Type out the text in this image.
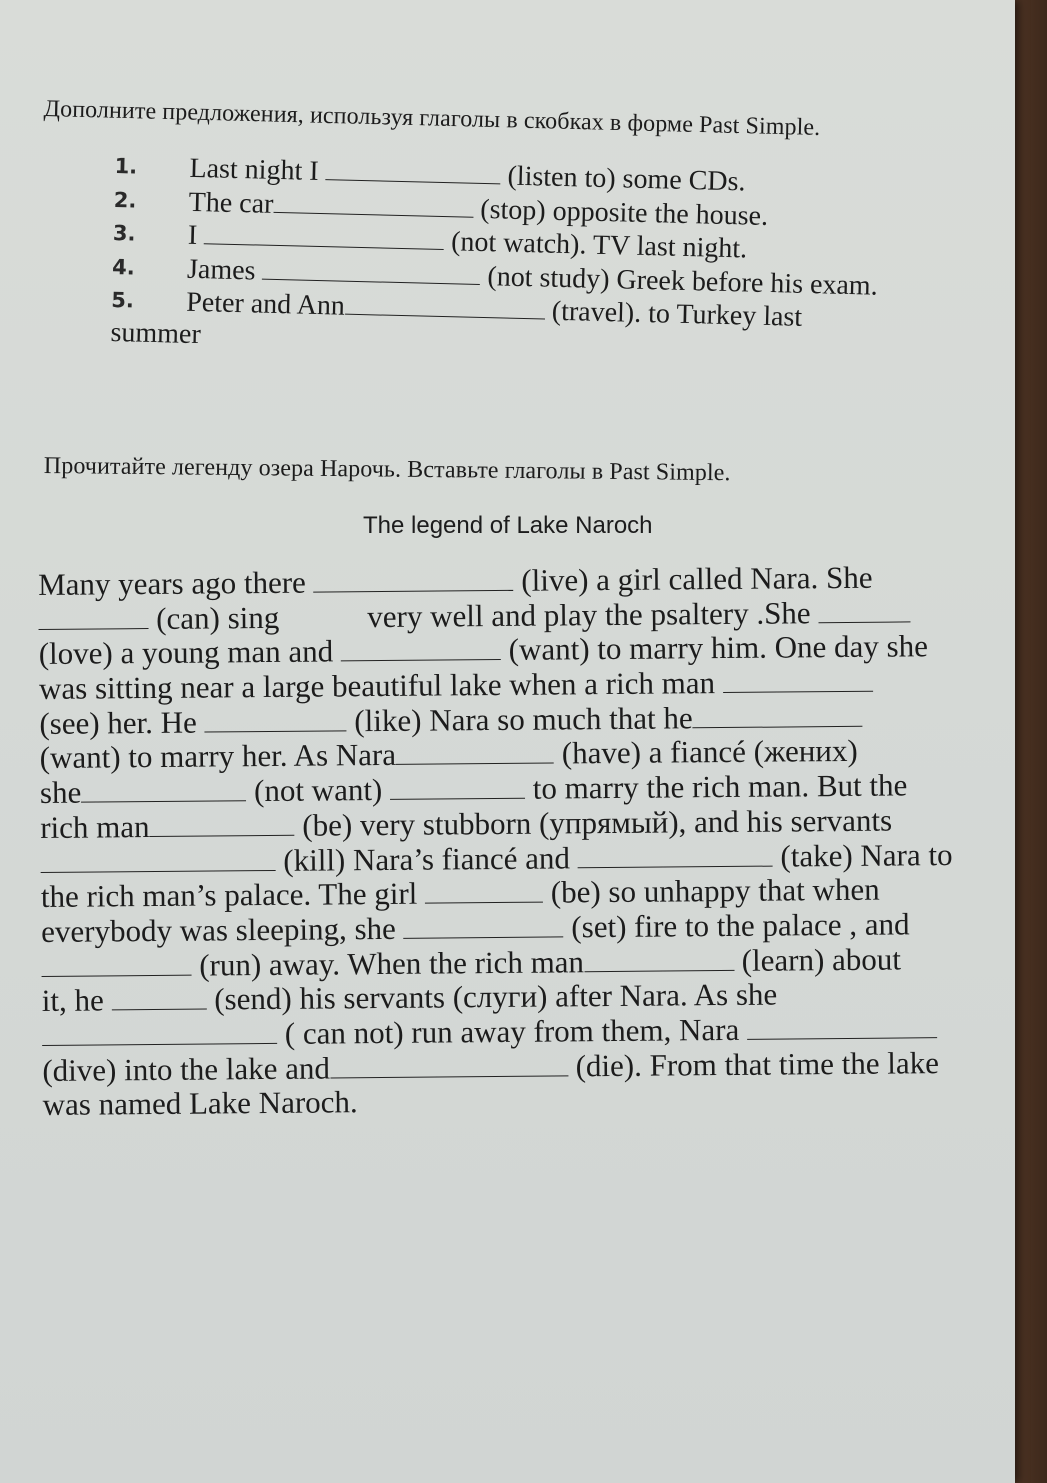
Дополните предложения, используя глаголы в скобках в форме Past Simple.
1. Last night I	(listen to) some CDs.
2. The car	(stop) opposite the house.
3. I	(not watch). TV last night.
4. James	(not study) Greek before his exam.
5. Peter and Ann	(travel). to Turkey last
summer
Прочитайте легенду озера Нарочь. Вставьте глаголы в Past Simple.
The legend of Lake Naroch
Many years ago there	(live) a girl called Nara. She
(can) sing	very well and play the psaltery .She
(love) a young man and	(want) to marry him. One day she
was sitting near a large beautiful lake when a rich man
(see) her. He	(like) Nara so much that he
(want) to marry her. As Nara	(have) a fiancé (жених)
she	(not want)	to marry the rich man. But the
rich man	(be) very stubborn (упрямый), and his servants
(kill) Nara’s fiancé and	(take) Nara to
the rich man’s palace. The girl	(be) so unhappy that when
everybody was sleeping, she	(set) fire to the palace , and
(run) away. When the rich man	(learn) about
it, he	(send) his servants (слуги) after Nara. As she
( can not) run away from them, Nara
(dive) into the lake and	(die). From that time the lake
was named Lake Naroch.
